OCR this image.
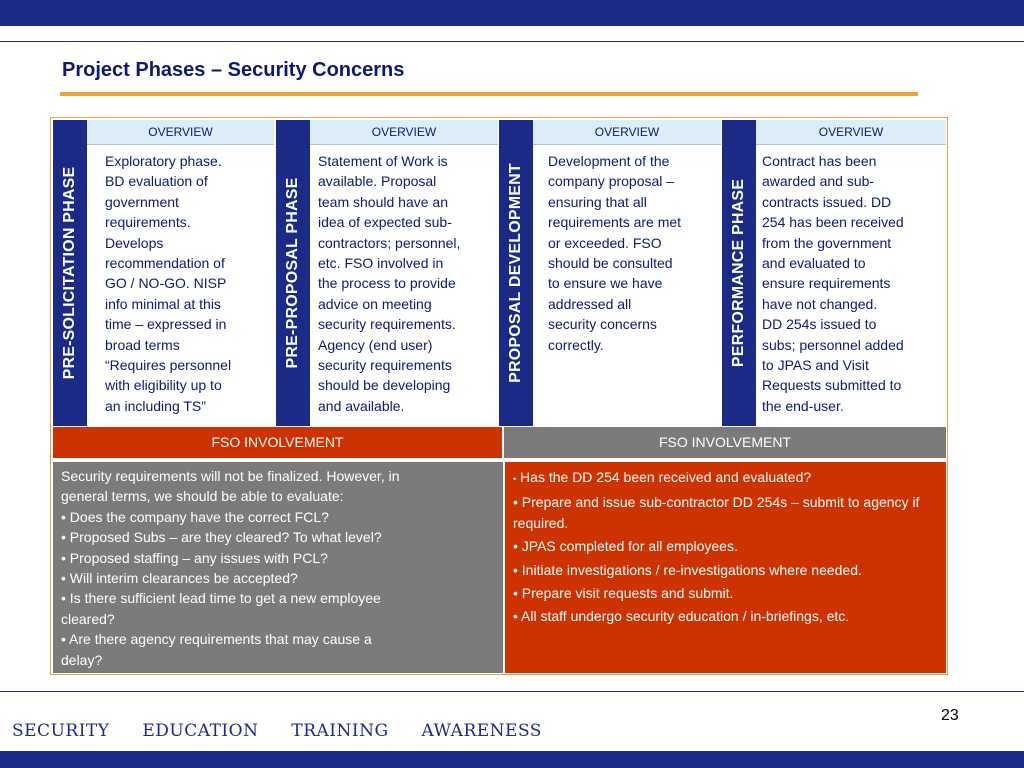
Project Phases – Security Concerns
PRE-SOLICITATION PHASE
OVERVIEW
Exploratory phase.
BD evaluation of
government
requirements.
Develops
recommendation of
GO / NO-GO. NISP
info minimal at this
time – expressed in
broad terms
“Requires personnel
with eligibility up to
an including TS”
PRE-PROPOSAL PHASE
OVERVIEW
Statement of Work is
available. Proposal
team should have an
idea of expected sub-
contractors; personnel,
etc. FSO involved in
the process to provide
advice on meeting
security requirements.
Agency (end user)
security requirements
should be developing
and available.
PROPOSAL DEVELOPMENT
OVERVIEW
Development of the
company proposal –
ensuring that all
requirements are met
or exceeded. FSO
should be consulted
to ensure we have
addressed all
security concerns
correctly.	PERFORMANCE PHASE
OVERVIEW
Contract has been
awarded and sub-
contracts issued. DD
254 has been received
from the government
and evaluated to
ensure requirements
have not changed.
DD 254s issued to
subs; personnel added
to JPAS and Visit
Requests submitted to
the end-user.
FSO INVOLVEMENT	FSO INVOLVEMENT

Security requirements will not be finalized. However, in

general terms, we should be able to evaluate:

• Does the company have the correct FCL?

• Proposed Subs – are they cleared? To what level?

• Proposed staffing – any issues with PCL?

• Will interim clearances be accepted?

• Is there sufficient lead time to get a new employee

cleared?

• Are there agency requirements that may cause a

delay?

• Has the DD 254 been received and evaluated?

• Prepare and issue sub-contractor DD 254s – submit to agency if required.

• JPAS completed for all employees.

• Initiate investigations / re-investigations where needed.

• Prepare visit requests and submit.

• All staff undergo security education / in-briefings, etc.

23
SECURITY EDUCATION TRAINING AWARENESS
